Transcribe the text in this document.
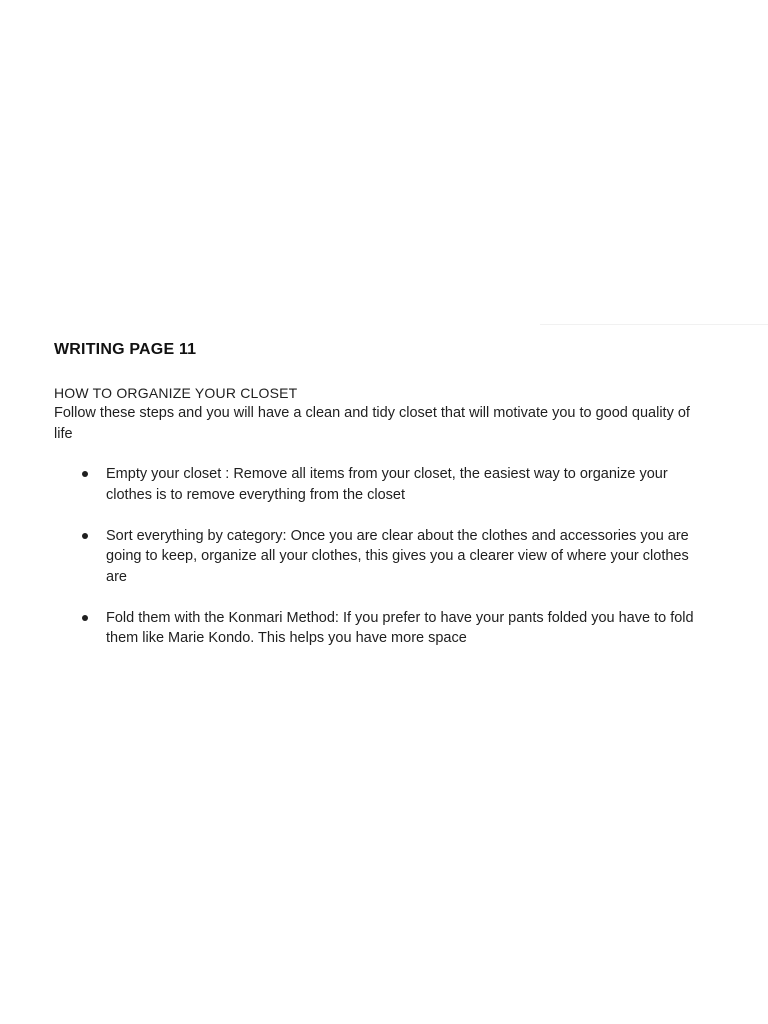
WRITING PAGE 11
HOW TO ORGANIZE YOUR CLOSET
Follow these steps and you will have a clean and tidy closet that will motivate you to good quality of life
Empty your closet : Remove all items from your closet, the easiest way to organize your clothes is to remove everything from the closet
Sort everything by category: Once you are clear about the clothes and accessories you are going to keep, organize all your clothes, this gives you a clearer view of where your clothes are
Fold them with the Konmari Method: If you prefer to have your pants folded you have to fold them like Marie Kondo. This helps you have more space
